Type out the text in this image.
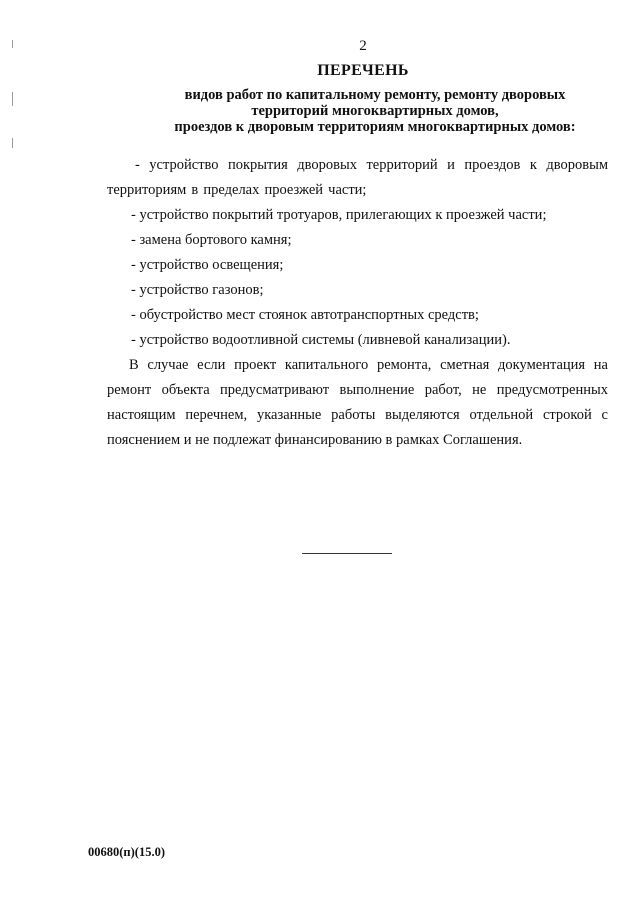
2
ПЕРЕЧЕНЬ
видов работ по капитальному ремонту, ремонту дворовых
территорий многоквартирных домов,
проездов к дворовым территориям многоквартирных домов:

- устройство покрытия дворовых территорий и проездов к дворовым территориям в пределах проезжей части;

- устройство покрытий тротуаров, прилегающих к проезжей части;

- замена бортового камня;

- устройство освещения;

- устройство газонов;

- обустройство мест стоянок автотранспортных средств;

- устройство водоотливной системы (ливневой канализации).

В случае если проект капитального ремонта, сметная документация на ремонт объекта предусматривают выполнение работ, не предусмотренных настоящим перечнем, указанные работы выделяются отдельной строкой с пояснением и не подлежат финансированию в рамках Соглашения.

00680(п)(15.0)
